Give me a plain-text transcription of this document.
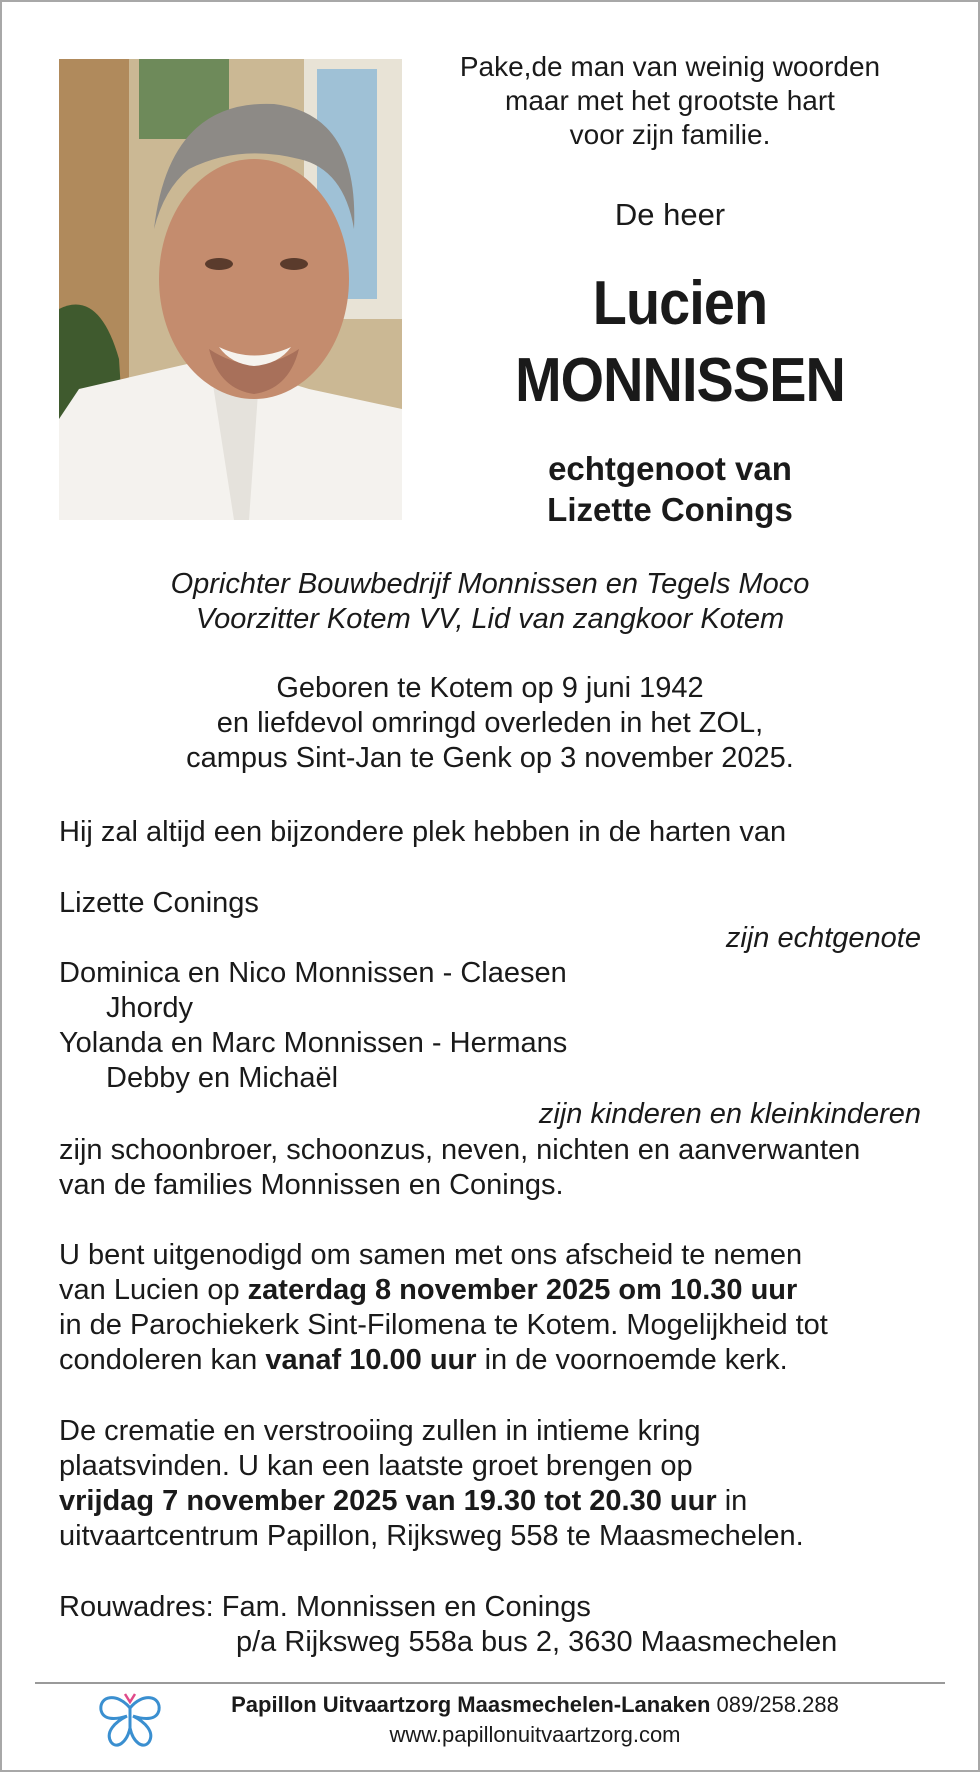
Pake,de man van weinig woorden
maar met het grootste hart
voor zijn familie.
De heer
Lucien
MONNISSEN
echtgenoot van
Lizette Conings
Oprichter Bouwbedrijf Monnissen en Tegels Moco
Voorzitter Kotem VV, Lid van zangkoor Kotem
Geboren te Kotem op 9 juni 1942
en liefdevol omringd overleden in het ZOL,
campus Sint-Jan te Genk op 3 november 2025.
Hij zal altijd een bijzondere plek hebben in de harten van
Lizette Conings
zijn echtgenote
Dominica en Nico Monnissen - Claesen
Jhordy
Yolanda en Marc Monnissen - Hermans
Debby en Michaël
zijn kinderen en kleinkinderen
zijn schoonbroer, schoonzus, neven, nichten en aanverwanten
van de families Monnissen en Conings.
U bent uitgenodigd om samen met ons afscheid te nemen
van Lucien op zaterdag 8 november 2025 om 10.30 uur
in de Parochiekerk Sint-Filomena te Kotem. Mogelijkheid tot
condoleren kan vanaf 10.00 uur in de voornoemde kerk.
De crematie en verstrooiing zullen in intieme kring
plaatsvinden. U kan een laatste groet brengen op
vrijdag 7 november 2025 van 19.30 tot 20.30 uur in
uitvaartcentrum Papillon, Rijksweg 558 te Maasmechelen.
Rouwadres: Fam. Monnissen en Conings
p/a Rijksweg 558a bus 2, 3630 Maasmechelen
Papillon Uitvaartzorg Maasmechelen-Lanaken 089/258.288
www.papillonuitvaartzorg.com
